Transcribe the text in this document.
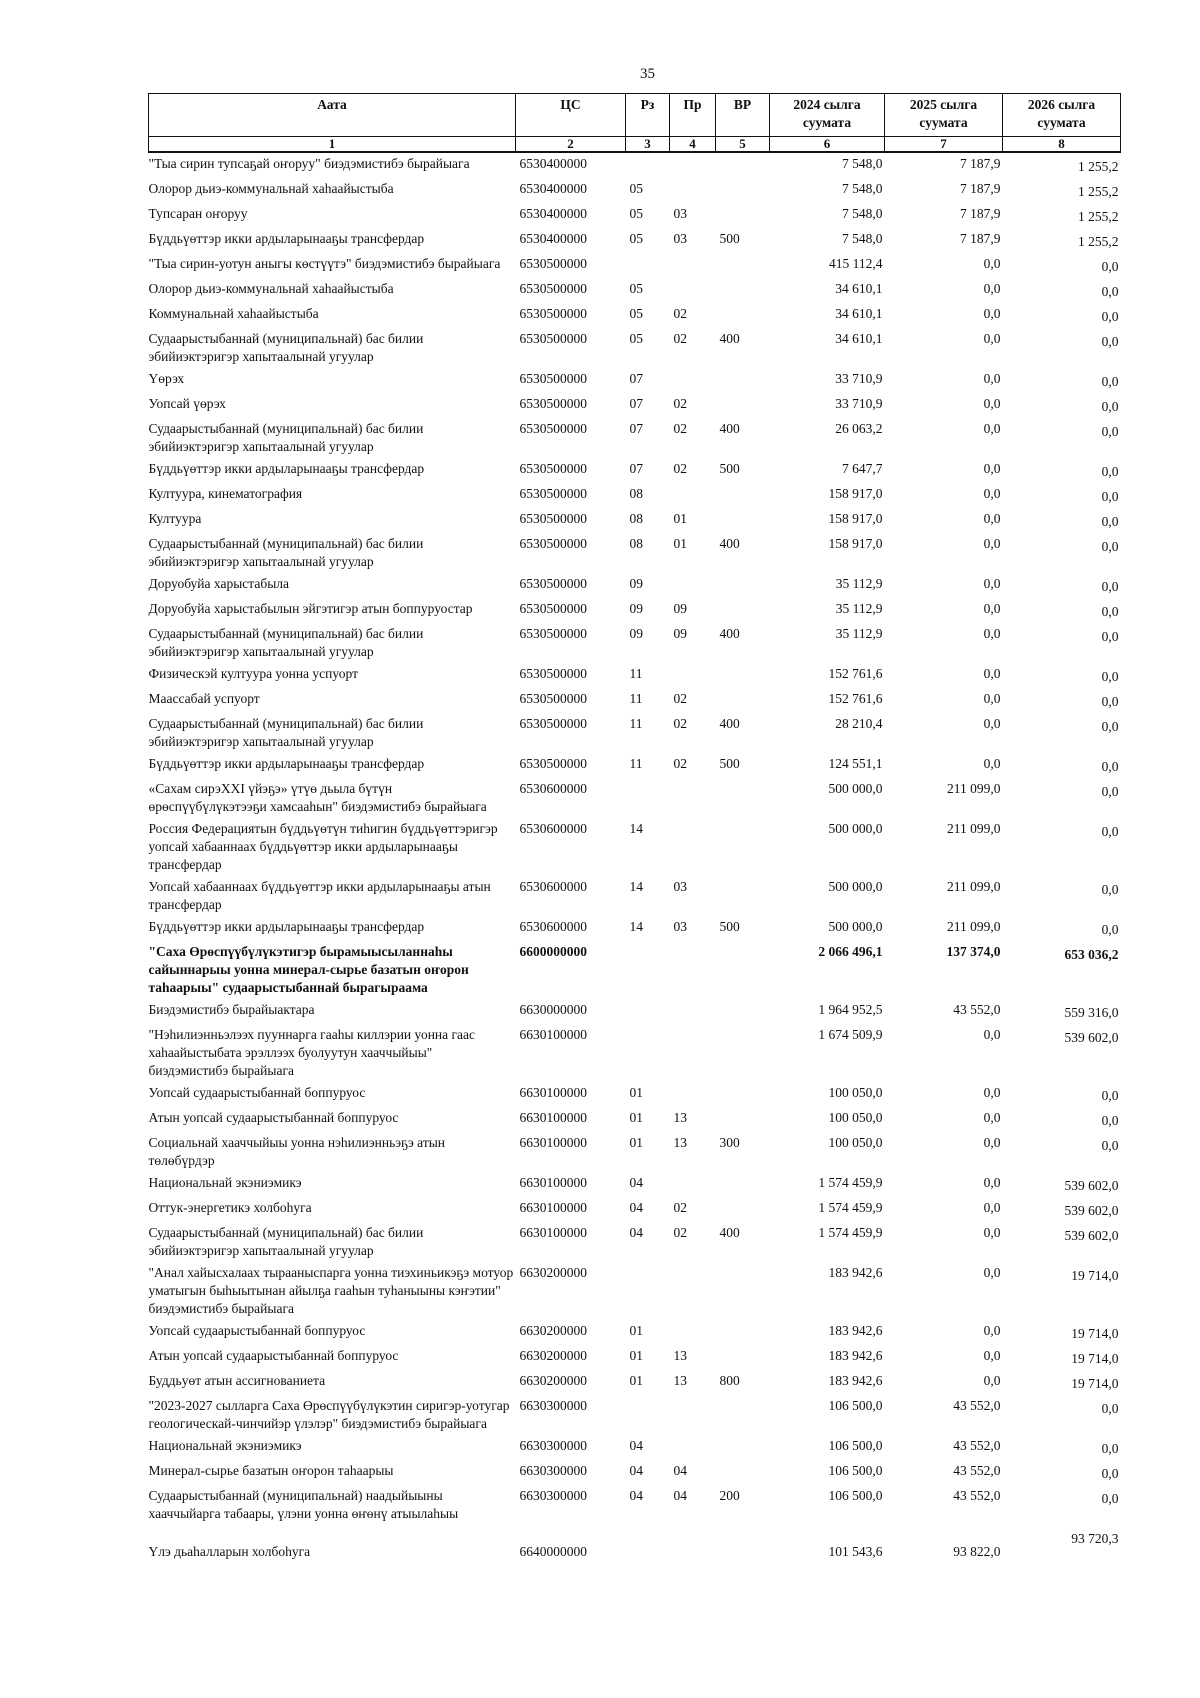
35
Аата	ЦС	Рз	Пр	ВР	2024 сылга суумата	2025 сылга суумата	2026 сылга суумата
1	2	3	4	5	6	7	8
"Тыа сирин тупсаҕай оҥоруу" биэдэмистибэ бырайыага	6530400000				7 548,0	7 187,9	1 255,2
Олорор дьиэ-коммунальнай хаһаайыстыба	6530400000	05			7 548,0	7 187,9	1 255,2
Тупсаран оҥоруу	6530400000	05	03		7 548,0	7 187,9	1 255,2
Бүддьүөттэр икки ардыларынааҕы трансфердар	6530400000	05	03	500	7 548,0	7 187,9	1 255,2
"Тыа сирин-уотун аныгы көстүүтэ" биэдэмистибэ бырайыага	6530500000				415 112,4	0,0	0,0
Олорор дьиэ-коммунальнай хаһаайыстыба	6530500000	05			34 610,1	0,0	0,0
Коммунальнай хаһаайыстыба	6530500000	05	02		34 610,1	0,0	0,0
Судаарыстыбаннай (муниципальнай) бас билии эбийиэктэригэр хапытаалынай угуулар	6530500000	05	02	400	34 610,1	0,0	0,0
Үөрэх	6530500000	07			33 710,9	0,0	0,0
Уопсай үөрэх	6530500000	07	02		33 710,9	0,0	0,0
Судаарыстыбаннай (муниципальнай) бас билии эбийиэктэригэр хапытаалынай угуулар	6530500000	07	02	400	26 063,2	0,0	0,0
Бүддьүөттэр икки ардыларынааҕы трансфердар	6530500000	07	02	500	7 647,7	0,0	0,0
Култуура, кинематография	6530500000	08			158 917,0	0,0	0,0
Култуура	6530500000	08	01		158 917,0	0,0	0,0
Судаарыстыбаннай (муниципальнай) бас билии эбийиэктэригэр хапытаалынай угуулар	6530500000	08	01	400	158 917,0	0,0	0,0
Доруобуйа харыстабыла	6530500000	09			35 112,9	0,0	0,0
Доруобуйа харыстабылын эйгэтигэр атын боппуруостар	6530500000	09	09		35 112,9	0,0	0,0
Судаарыстыбаннай (муниципальнай) бас билии эбийиэктэригэр хапытаалынай угуулар	6530500000	09	09	400	35 112,9	0,0	0,0
Физическэй култуура уонна успуорт	6530500000	11			152 761,6	0,0	0,0
Маассабай успуорт	6530500000	11	02		152 761,6	0,0	0,0
Судаарыстыбаннай (муниципальнай) бас билии эбийиэктэригэр хапытаалынай угуулар	6530500000	11	02	400	28 210,4	0,0	0,0
Бүддьүөттэр икки ардыларынааҕы трансфердар	6530500000	11	02	500	124 551,1	0,0	0,0
«Сахам сирэХХI үйэҕэ» үтүө дьыла бүтүн өрөспүүбүлүкэтээҕи хамсааһын" биэдэмистибэ бырайыага	6530600000				500 000,0	211 099,0	0,0
Россия Федерациятын бүддьүөтүн тиһигин бүддьүөттэригэр уопсай хабааннаах бүддьүөттэр икки ардыларынааҕы трансфердар	6530600000	14			500 000,0	211 099,0	0,0
Уопсай хабааннаах бүддьүөттэр икки ардыларынааҕы атын трансфердар	6530600000	14	03		500 000,0	211 099,0	0,0
Бүддьүөттэр икки ардыларынааҕы трансфердар	6530600000	14	03	500	500 000,0	211 099,0	0,0
"Саха Өрөспүүбүлүкэтигэр бырамыысыланнаһы сайыннарыы уонна минерал-сырье базатын оҥорон таһаарыы" судаарыстыбаннай бырагыраама	6600000000				2 066 496,1	137 374,0	653 036,2
Биэдэмистибэ бырайыактара	6630000000				1 964 952,5	43 552,0	559 316,0
"Нэһилиэнньэлээх пууннарга гааһы киллэрии уонна гаас хаһаайыстыбата эрэллээх буолуутун хааччыйыы" биэдэмистибэ бырайыага	6630100000				1 674 509,9	0,0	539 602,0
Уопсай судаарыстыбаннай боппуруос	6630100000	01			100 050,0	0,0	0,0
Атын уопсай судаарыстыбаннай боппуруос	6630100000	01	13		100 050,0	0,0	0,0
Социальнай хааччыйыы уонна нэһилиэнньэҕэ атын төлөбүрдэр	6630100000	01	13	300	100 050,0	0,0	0,0
Национальнай экэниэмикэ	6630100000	04			1 574 459,9	0,0	539 602,0
Оттук-энергетикэ холбоһуга	6630100000	04	02		1 574 459,9	0,0	539 602,0
Судаарыстыбаннай (муниципальнай) бас билии эбийиэктэригэр хапытаалынай угуулар	6630100000	04	02	400	1 574 459,9	0,0	539 602,0
"Анал хайысхалаах тырааныспарга уонна тиэхиньикэҕэ мотуор уматыгын быһыытынан айылҕа гааһын туһаныыны кэҥэтии" биэдэмистибэ бырайыага	6630200000				183 942,6	0,0	19 714,0
Уопсай судаарыстыбаннай боппуруос	6630200000	01			183 942,6	0,0	19 714,0
Атын уопсай судаарыстыбаннай боппуруос	6630200000	01	13		183 942,6	0,0	19 714,0
Буддьуөт атын ассигнованиета	6630200000	01	13	800	183 942,6	0,0	19 714,0
"2023-2027 сылларга Саха Өрөспүүбүлүкэтин сиригэр-уотугар геологическай-чинчийэр үлэлэр" биэдэмистибэ бырайыага	6630300000				106 500,0	43 552,0	0,0
Национальнай экэниэмикэ	6630300000	04			106 500,0	43 552,0	0,0
Минерал-сырье базатын оҥорон таһаарыы	6630300000	04	04		106 500,0	43 552,0	0,0
Судаарыстыбаннай (муниципальнай) наадыйыыны хааччыйарга табаары, үлэни уонна өҥөнү атыылаһыы	6630300000	04	04	200	106 500,0	43 552,0	0,0
Үлэ дьаһалларын холбоһуга	6640000000				101 543,6	93 822,0	93 720,3
